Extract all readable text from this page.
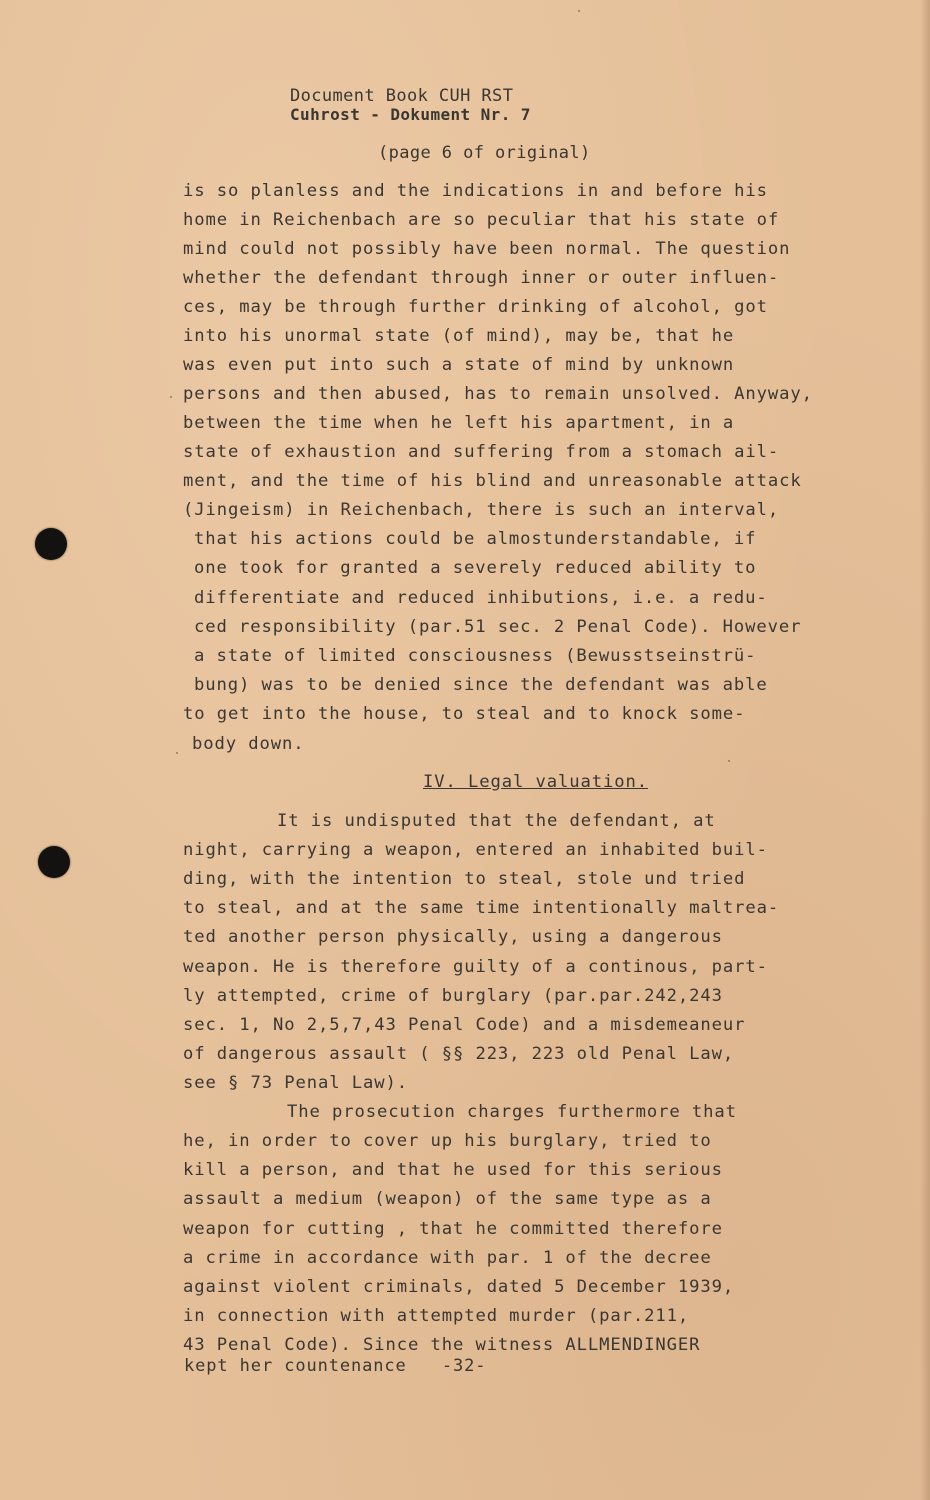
Document Book CUH RST
Cuhrost - Dokument Nr. 7
(page 6 of original)
is so planless and the indications in and before his
home in Reichenbach are so peculiar that his state of
mind could not possibly have been normal. The question
whether the defendant through inner or outer influen-
ces, may be through further drinking of alcohol, got
into his unormal state (of mind), may be, that he
was even put into such a state of mind by unknown
persons and then abused, has to remain unsolved. Anyway,
between the time when he left his apartment, in a
state of exhaustion and suffering from a stomach ail-
ment, and the time of his blind and unreasonable attack
(Jingeism) in Reichenbach, there is such an interval,
that his actions could be almostunderstandable, if
one took for granted a severely reduced ability to
differentiate and reduced inhibutions, i.e. a redu-
ced responsibility (par.51 sec. 2 Penal Code). However
a state of limited consciousness (Bewusstseinstrü-
bung) was to be denied since the defendant was able
to get into the house, to steal and to knock some-
body down.
IV. Legal valuation.
It is undisputed that the defendant, at
night, carrying a weapon, entered an inhabited buil-
ding, with the intention to steal, stole und tried
to steal, and at the same time intentionally maltrea-
ted another person physically, using a dangerous
weapon. He is therefore guilty of a continous, part-
ly attempted, crime of burglary (par.par.242,243
sec. 1, No 2,5,7,43 Penal Code) and a misdemeaneur
of dangerous assault ( §§ 223, 223 old Penal Law,
see § 73 Penal Law).
The prosecution charges furthermore that
he, in order to cover up his burglary, tried to
kill a person, and that he used for this serious
assault a medium (weapon) of the same type as a
weapon for cutting , that he committed therefore
a crime in accordance with par. 1 of the decree
against violent criminals, dated 5 December 1939,
in connection with attempted murder (par.211,
43 Penal Code). Since the witness ALLMENDINGER
kept her countenance -32-
